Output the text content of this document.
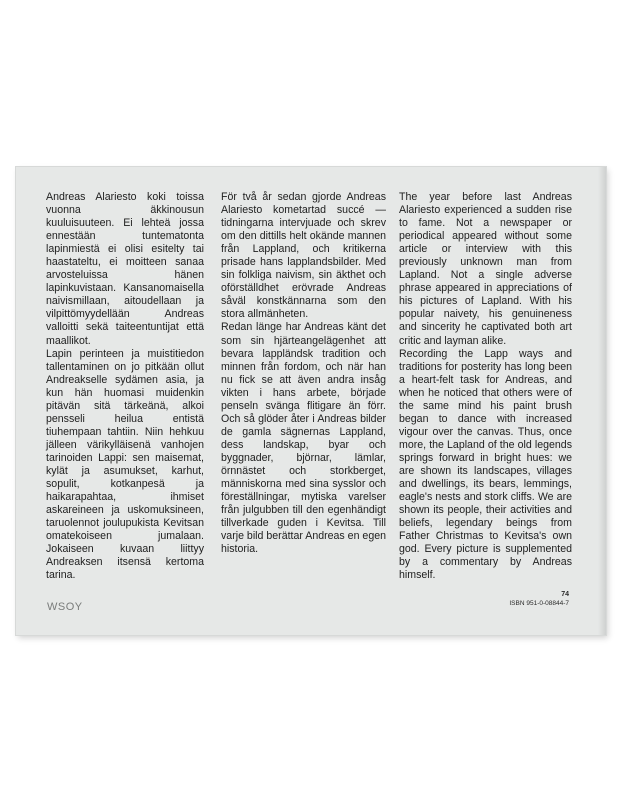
Andreas Alariesto koki toissa vuonna äkkinousun kuuluisuuteen. Ei lehteä jossa ennestään tuntematonta lapinmiestä ei olisi esitelty tai haastateltu, ei moitteen sanaa arvosteluissa hänen lapinkuvistaan. Kansanomaisella naivismillaan, aitoudellaan ja vilpittömyydellään Andreas valloitti sekä taiteentuntijat että maallikot.

Lapin perinteen ja muistitiedon tallentaminen on jo pitkään ollut Andreakselle sydämen asia, ja kun hän huomasi muidenkin pitävän sitä tärkeänä, alkoi pensseli heilua entistä tiuhempaan tahtiin. Niin hehkuu jälleen värikylläisenä vanhojen tarinoiden Lappi: sen maisemat, kylät ja asumukset, karhut, sopulit, kotkanpesä ja haikarapahtaa, ihmiset askareineen ja uskomuksineen, taruolennot joulupukista Kevitsan omatekoiseen jumalaan. Jokaiseen kuvaan liittyy Andreaksen itsensä kertoma tarina.

För två år sedan gjorde Andreas Alariesto kometartad succé — tidningarna intervjuade och skrev om den dittills helt okände mannen från Lappland, och kritikerna prisade hans lapplandsbilder. Med sin folkliga naivism, sin äkthet och oförställdhet erövrade Andreas såväl konstkännarna som den stora allmänheten.

Redan länge har Andreas känt det som sin hjärteangelägenhet att bevara lappländsk tradition och minnen från fordom, och när han nu fick se att även andra insåg vikten i hans arbete, började penseln svänga flitigare än förr. Och så glöder åter i Andreas bilder de gamla sägnernas Lappland, dess landskap, byar och byggnader, björnar, lämlar, örnnästet och storkberget, människorna med sina sysslor och föreställningar, mytiska varelser från julgubben till den egenhändigt tillverkade guden i Kevitsa. Till varje bild berättar Andreas en egen historia.

The year before last Andreas Alariesto experienced a sudden rise to fame. Not a newspaper or periodical appeared without some article or interview with this previously unknown man from Lapland. Not a single adverse phrase appeared in appreciations of his pictures of Lapland. With his popular naivety, his genuineness and sincerity he captivated both art critic and layman alike.

Recording the Lapp ways and traditions for posterity has long been a heart-felt task for Andreas, and when he noticed that others were of the same mind his paint brush began to dance with increased vigour over the canvas. Thus, once more, the Lapland of the old legends springs forward in bright hues: we are shown its landscapes, villages and dwellings, its bears, lemmings, eagle's nests and stork cliffs. We are shown its people, their activities and beliefs, legendary beings from Father Christmas to Kevitsa's own god. Every picture is supplemented by a commentary by Andreas himself.

WSOY
74
ISBN 951-0-08844-7
